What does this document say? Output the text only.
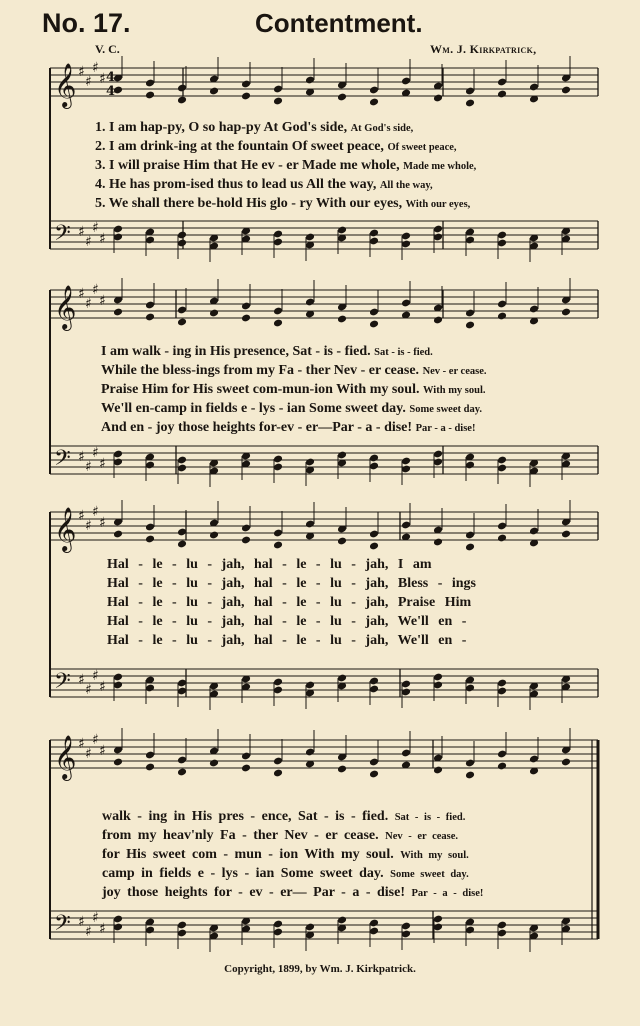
No. 17.	Contentment.
V. C.	Wm. J. Kirkpatrick,
𝄞 ♯
♯
♯
♯
𝄢 ♯
♯
♯
♯
4
4
𝄞 ♯
♯
♯
♯
𝄢 ♯
♯
♯
♯
𝄞 ♯
♯
♯
♯
𝄢 ♯
♯
♯
♯
𝄞 ♯
♯
♯
♯
𝄢 ♯
♯
♯
♯
1. I am hap-py, O so hap-py At God's side, At God's side,
2. I am drink-ing at the fountain Of sweet peace, Of sweet peace,
3. I will praise Him that He ev - er Made me whole, Made me whole,
4. He has prom-ised thus to lead us All the way, All the way,
5. We shall there be-hold His glo - ry With our eyes, With our eyes,
I am walk - ing in His presence, Sat - is - fied. Sat - is - fied.
While the bless-ings from my Fa - ther Nev - er cease. Nev - er cease.
Praise Him for His sweet com-mun-ion With my soul. With my soul.
We'll en-camp in fields e - lys - ian Some sweet day. Some sweet day.
And en - joy those heights for-ev - er—Par - a - dise! Par - a - dise!
Hal - le - lu - jah, hal - le - lu - jah, I am
Hal - le - lu - jah, hal - le - lu - jah, Bless - ings
Hal - le - lu - jah, hal - le - lu - jah, Praise Him
Hal - le - lu - jah, hal - le - lu - jah, We'll en -
Hal - le - lu - jah, hal - le - lu - jah, We'll en -
walk - ing in His pres - ence, Sat - is - fied. Sat - is - fied.
from my heav'nly Fa - ther Nev - er cease. Nev - er cease.
for His sweet com - mun - ion With my soul. With my soul.
camp in fields e - lys - ian Some sweet day. Some sweet day.
joy those heights for - ev - er— Par - a - dise! Par - a - dise!
Copyright, 1899, by Wm. J. Kirkpatrick.
